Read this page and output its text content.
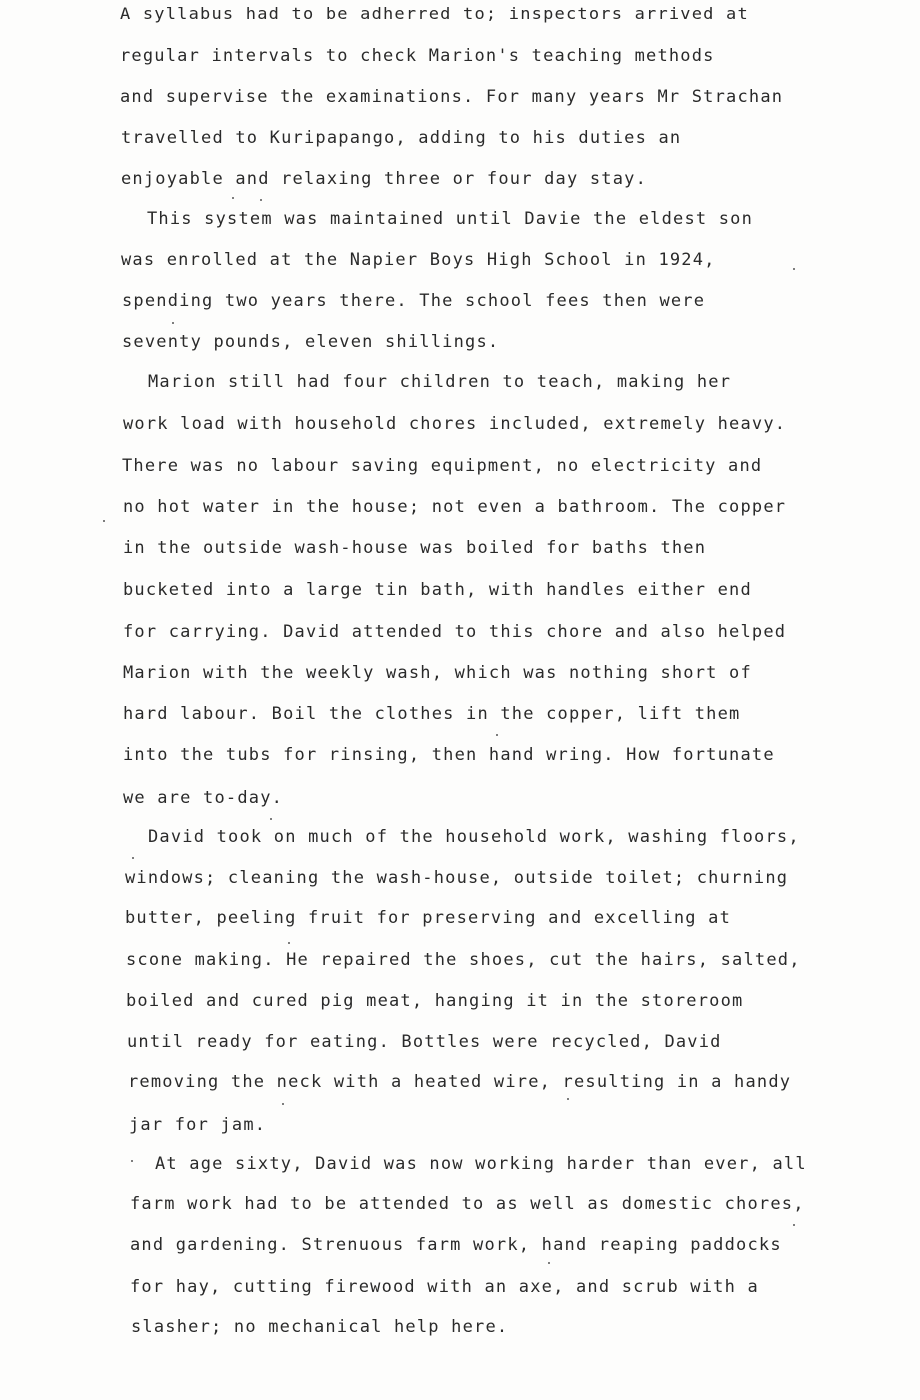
A syllabus had to be adherred to; inspectors arrived at
regular intervals to check Marion's teaching methods
and supervise the examinations. For many years Mr Strachan
travelled to Kuripapango, adding to his duties an
enjoyable and relaxing three or four day stay.
This system was maintained until Davie the eldest son
was enrolled at the Napier Boys High School in 1924,
spending two years there. The school fees then were
seventy pounds, eleven shillings.
Marion still had four children to teach, making her
work load with household chores included, extremely heavy.
There was no labour saving equipment, no electricity and
no hot water in the house; not even a bathroom. The copper
in the outside wash-house was boiled for baths then
bucketed into a large tin bath, with handles either end
for carrying. David attended to this chore and also helped
Marion with the weekly wash, which was nothing short of
hard labour. Boil the clothes in the copper, lift them
into the tubs for rinsing, then hand wring. How fortunate
we are to-day.
David took on much of the household work, washing floors,
windows; cleaning the wash-house, outside toilet; churning
butter, peeling fruit for preserving and excelling at
scone making. He repaired the shoes, cut the hairs, salted,
boiled and cured pig meat, hanging it in the storeroom
until ready for eating. Bottles were recycled, David
removing the neck with a heated wire, resulting in a handy
jar for jam.
At age sixty, David was now working harder than ever, all
farm work had to be attended to as well as domestic chores,
and gardening. Strenuous farm work, hand reaping paddocks
for hay, cutting firewood with an axe, and scrub with a
slasher; no mechanical help here.
